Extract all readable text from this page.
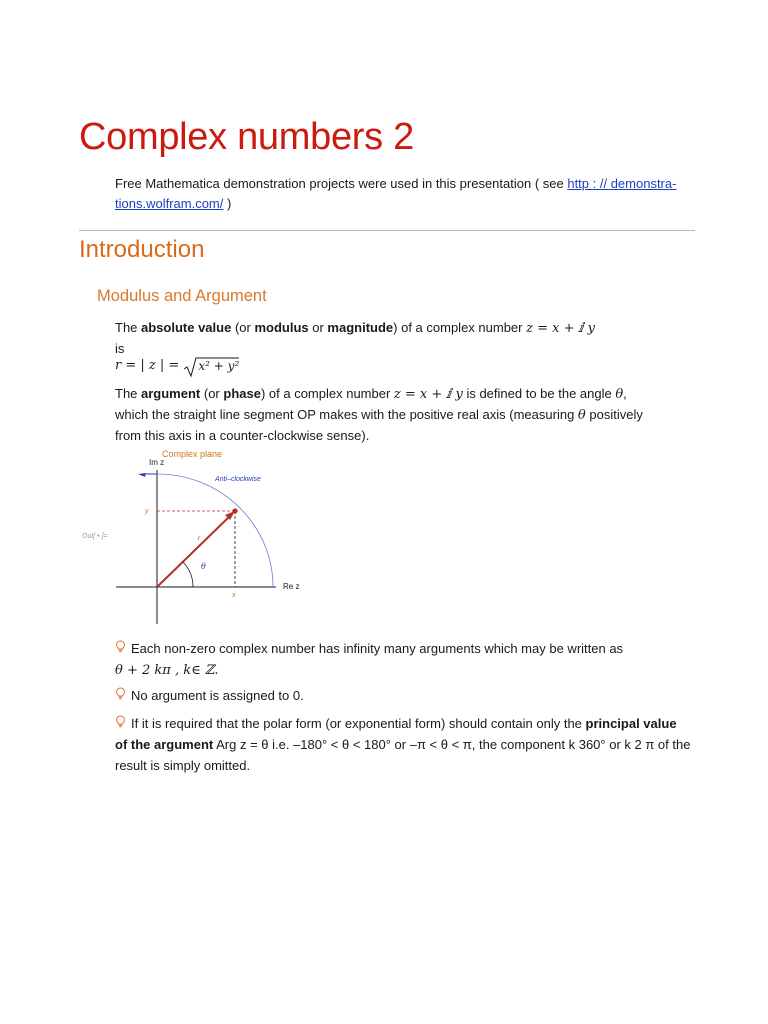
Complex numbers 2
Free Mathematica demonstration projects were used in this presentation ( see http : // demonstra-
tions.wolfram.com/ )
Introduction
Modulus and Argument
The absolute value (or modulus or magnitude) of a complex number z = x + ⅈ y
is
r = | z | =
x² + y²
The argument (or phase) of a complex number z = x + ⅈ y is defined to be the angle θ,
which the straight line segment OP makes with the positive real axis (measuring θ positively
from this axis in a counter-clockwise sense).
Complex plane
Out[ • ]=
Im z
Re z
Anti–clockwise
y
x
r
θ
Each non-zero complex number has infinity many arguments which may be written as
θ + 2 kπ , k∈ ℤ.
No argument is assigned to 0.
If it is required that the polar form (or exponential form) should contain only the principal value
of the argument Arg z = θ i.e. –180° < θ < 180° or –π < θ < π, the component k 360° or k 2 π of the
result is simply omitted.
